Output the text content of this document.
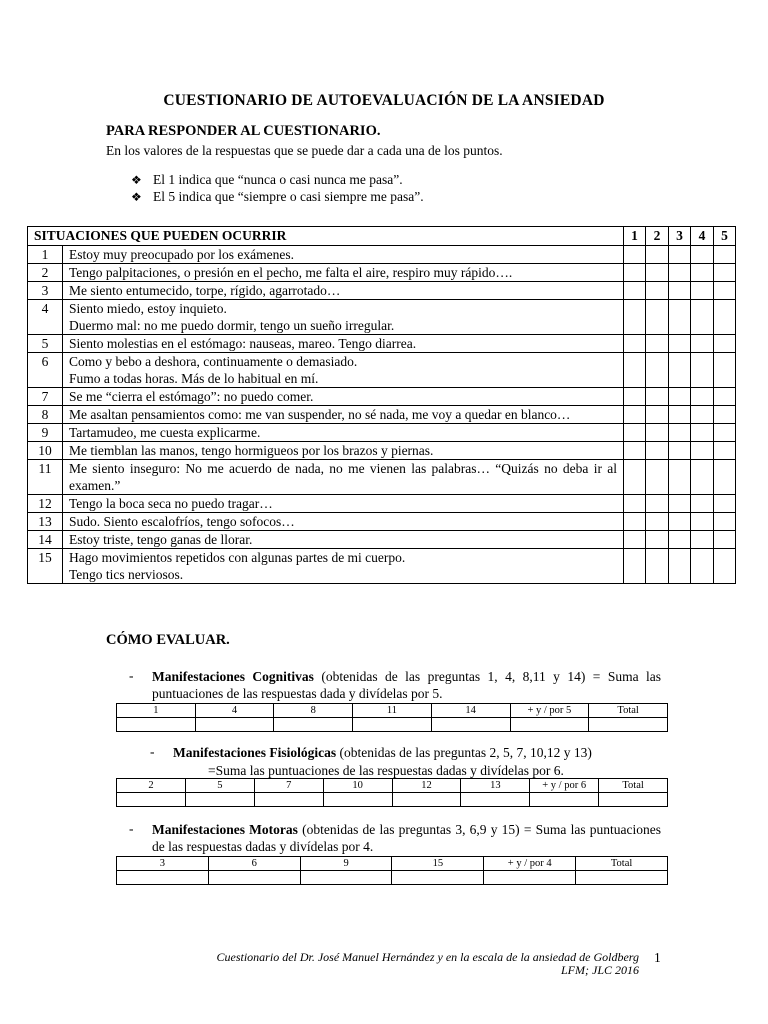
CUESTIONARIO DE AUTOEVALUACIÓN DE LA ANSIEDAD
PARA RESPONDER AL CUESTIONARIO.
En los valores de la respuestas que se puede dar a cada una de los puntos.
❖ El 1 indica que “nunca o casi nunca me pasa”.
❖ El 5 indica que “siempre o casi siempre me pasa”.
SITUACIONES QUE PUEDEN OCURRIR		1	2	3	4	5
1	Estoy muy preocupado por los exámenes.					

2	Tengo palpitaciones, o presión en el pecho, me falta el aire, respiro muy rápido….					

3	Me siento entumecido, torpe, rígido, agarrotado…					

4	Siento miedo, estoy inquieto.
Duermo mal: no me puedo dormir, tengo un sueño irregular.					

5	Siento molestias en el estómago: nauseas, mareo. Tengo diarrea.					

6	Como y bebo a deshora, continuamente o demasiado.
Fumo a todas horas. Más de lo habitual en mí.					

7	Se me “cierra el estómago”: no puedo comer.					

8	Me asaltan pensamientos como: me van suspender, no sé nada, me voy a quedar en blanco…					

9	Tartamudeo, me cuesta explicarme.					

10	Me tiemblan las manos, tengo hormigueos por los brazos y piernas.					

11	Me siento inseguro: No me acuerdo de nada, no me vienen las palabras… “Quizás no deba ir al examen.”					

12	Tengo la boca seca no puedo tragar…					

13	Sudo. Siento escalofríos, tengo sofocos…					

14	Estoy triste, tengo ganas de llorar.					

15	Hago movimientos repetidos con algunas partes de mi cuerpo.
Tengo tics nerviosos.					

CÓMO EVALUAR.
- Manifestaciones Cognitivas (obtenidas de las preguntas 1, 4, 8,11 y 14) = Suma las puntuaciones de las respuestas dada y divídelas por 5.
1	4	8	11	14	+ y / por 5	Total

- Manifestaciones Fisiológicas (obtenidas de las preguntas 2, 5, 7, 10,12 y 13)
=Suma las puntuaciones de las respuestas dadas y divídelas por 6.
2	5	7	10	12	13	+ y / por 6	Total

- Manifestaciones Motoras (obtenidas de las preguntas 3, 6,9 y 15) = Suma las puntuaciones de las respuestas dadas y divídelas por 4.
3	6	9	15	+ y / por 4	Total

Cuestionario del Dr. José Manuel Hernández y en la escala de la ansiedad de Goldberg
LFM; JLC 2016
1
